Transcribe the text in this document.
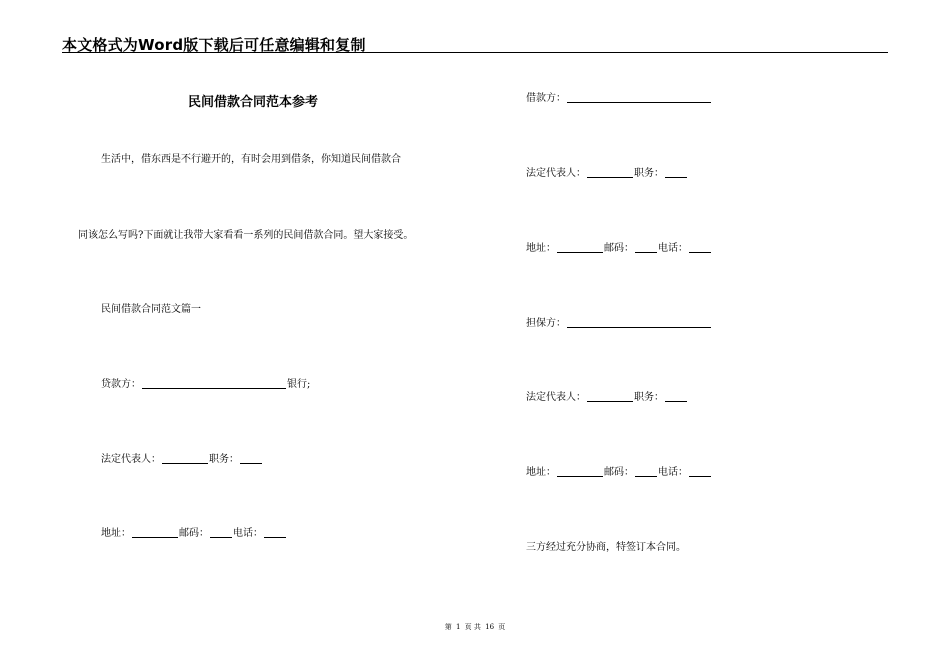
本文格式为Word版下载后可任意编辑和复制
民间借款合同范本参考
生活中，借东西是不行避开的，有时会用到借条，你知道民间借款合
同该怎么写吗?下面就让我带大家看看一系列的民间借款合同。望大家接受。
民间借款合同范文篇一
贷款方：	银行;
法定代表人：	职务：
地址：	邮码： 电话：
借款方：
法定代表人：	职务：
地址：	邮码： 电话：
担保方：
法定代表人：	职务：
地址：	邮码： 电话：
三方经过充分协商，特签订本合同。
第 1 页 共 16 页
